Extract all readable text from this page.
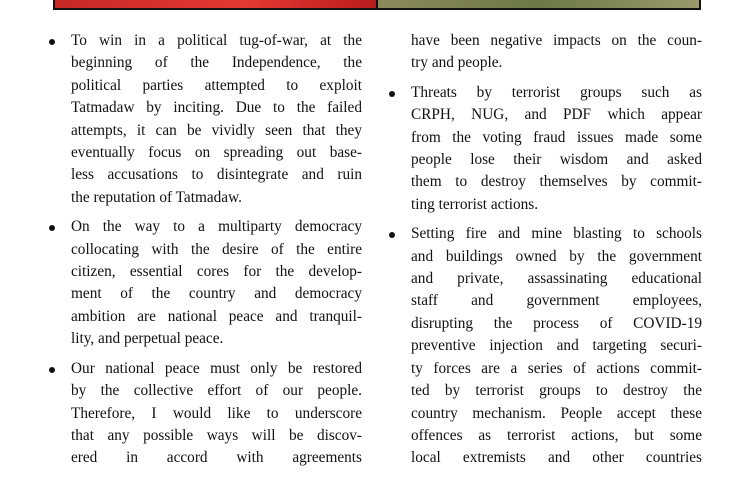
To win in a political tug-of-war, at the
beginning of the Independence, the
political parties attempted to exploit
Tatmadaw by inciting. Due to the failed
attempts, it can be vividly seen that they
eventually focus on spreading out base-
less accusations to disintegrate and ruin
the reputation of Tatmadaw.
On the way to a multiparty democracy
collocating with the desire of the entire
citizen, essential cores for the develop-
ment of the country and democracy
ambition are national peace and tranquil-
lity, and perpetual peace.
Our national peace must only be restored
by the collective effort of our people.
Therefore, I would like to underscore
that any possible ways will be discov-
ered in accord with agreements
have been negative impacts on the coun-
try and people.
Threats by terrorist groups such as
CRPH, NUG, and PDF which appear
from the voting fraud issues made some
people lose their wisdom and asked
them to destroy themselves by commit-
ting terrorist actions.
Setting fire and mine blasting to schools
and buildings owned by the government
and private, assassinating educational
staff and government employees,
disrupting the process of COVID-19
preventive injection and targeting securi-
ty forces are a series of actions commit-
ted by terrorist groups to destroy the
country mechanism. People accept these
offences as terrorist actions, but some
local extremists and other countries
